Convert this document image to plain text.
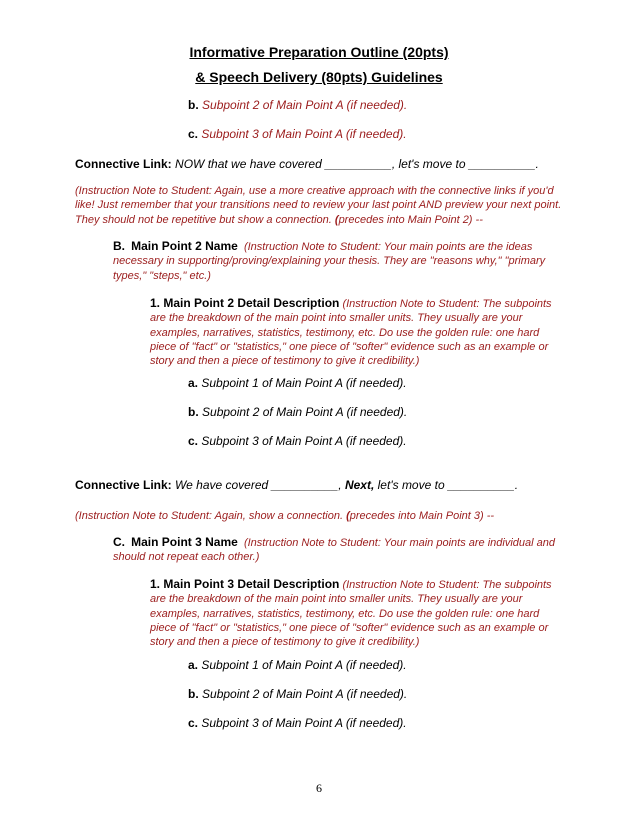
Informative Preparation Outline (20pts)
& Speech Delivery (80pts) Guidelines
b. Subpoint 2 of Main Point A (if needed).
c. Subpoint 3 of Main Point A (if needed).
Connective Link: NOW that we have covered __________, let's move to __________.
(Instruction Note to Student: Again, use a more creative approach with the connective links if you'd like! Just remember that your transitions need to review your last point AND preview your next point. They should not be repetitive but show a connection. (precedes into Main Point 2) --
B. Main Point 2 Name (Instruction Note to Student: Your main points are the ideas necessary in supporting/proving/explaining your thesis. They are "reasons why," "primary types," "steps," etc.)
1. Main Point 2 Detail Description (Instruction Note to Student: The subpoints are the breakdown of the main point into smaller units. They usually are your examples, narratives, statistics, testimony, etc. Do use the golden rule: one hard piece of "fact" or "statistics," one piece of "softer" evidence such as an example or story and then a piece of testimony to give it credibility.)
a. Subpoint 1 of Main Point A (if needed).
b. Subpoint 2 of Main Point A (if needed).
c. Subpoint 3 of Main Point A (if needed).
Connective Link: We have covered __________, Next, let's move to __________.
(Instruction Note to Student: Again, show a connection. (precedes into Main Point 3) --
C. Main Point 3 Name (Instruction Note to Student: Your main points are individual and should not repeat each other.)
1. Main Point 3 Detail Description (Instruction Note to Student: The subpoints are the breakdown of the main point into smaller units. They usually are your examples, narratives, statistics, testimony, etc. Do use the golden rule: one hard piece of "fact" or "statistics," one piece of "softer" evidence such as an example or story and then a piece of testimony to give it credibility.)
a. Subpoint 1 of Main Point A (if needed).
b. Subpoint 2 of Main Point A (if needed).
c. Subpoint 3 of Main Point A (if needed).
6
